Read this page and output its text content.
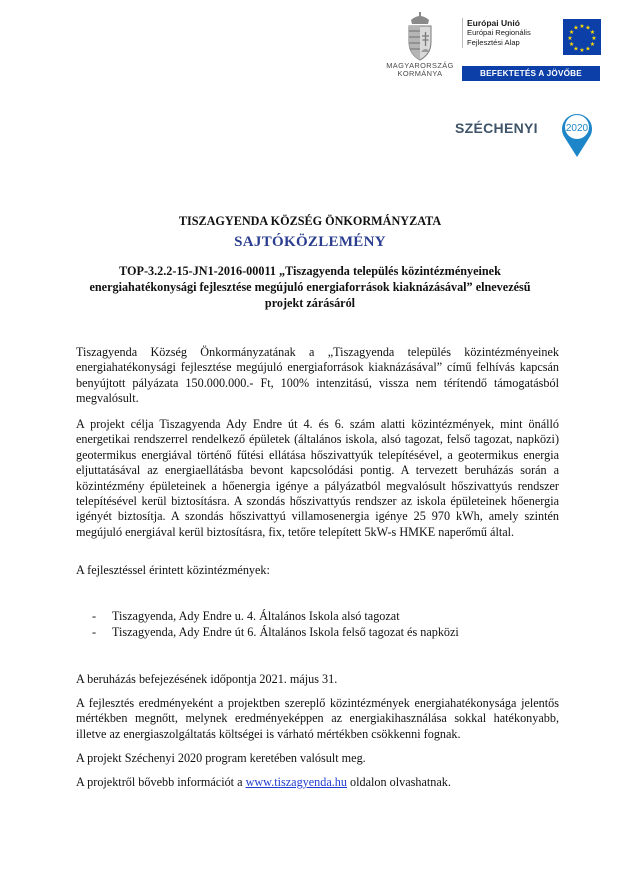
MAGYARORSZÁG
KORMÁNYA
Európai Unió
Európai Regionális
Fejlesztési Alap
★ ★
★
★
★
★
★
★
★
★
★
★
BEFEKTETÉS A JÖVŐBE
SZÉCHENYI	2020
TISZAGYENDA KÖZSÉG ÖNKORMÁNYZATA
SAJTÓKÖZLEMÉNY
TOP-3.2.2-15-JN1-2016-00011 „Tiszagyenda település közintézményeinek
energiahatékonysági fejlesztése megújuló energiaforrások kiaknázásával” elnevezésű
projekt zárásáról
Tiszagyenda Község Önkormányzatának a „Tiszagyenda település közintézményeinek energiahatékonysági fejlesztése megújuló energiaforrások kiaknázásával” című felhívás kapcsán benyújtott pályázata 150.000.000.- Ft, 100% intenzitású, vissza nem térítendő támogatásból megvalósult.
A projekt célja Tiszagyenda Ady Endre út 4. és 6. szám alatti közintézmények, mint önálló energetikai rendszerrel rendelkező épületek (általános iskola, alsó tagozat, felső tagozat, napközi) geotermikus energiával történő fűtési ellátása hőszivattyúk telepítésével, a geotermikus energia eljuttatásával az energiaellátásba bevont kapcsolódási pontig. A tervezett beruházás során a közintézmény épületeinek a hőenergia igénye a pályázatból megvalósult hőszivattyús rendszer telepítésével kerül biztosításra. A szondás hőszivattyús rendszer az iskola épületeinek hőenergia igényét biztosítja. A szondás hőszivattyú villamosenergia igénye 25 970 kWh, amely szintén megújuló energiával kerül biztosításra, fix, tetőre telepített 5kW-s HMKE naperőmű által.
A fejlesztéssel érintett közintézmények:
- Tiszagyenda, Ady Endre u. 4. Általános Iskola alsó tagozat
- Tiszagyenda, Ady Endre út 6. Általános Iskola felső tagozat és napközi
A beruházás befejezésének időpontja 2021. május 31.
A fejlesztés eredményeként a projektben szereplő közintézmények energiahatékonysága jelentős mértékben megnőtt, melynek eredményeképpen az energiakihasználása sokkal hatékonyabb, illetve az energiaszolgáltatás költségei is várható mértékben csökkenni fognak.
A projekt Széchenyi 2020 program keretében valósult meg.
A projektről bővebb információt a www.tiszagyenda.hu oldalon olvashatnak.
